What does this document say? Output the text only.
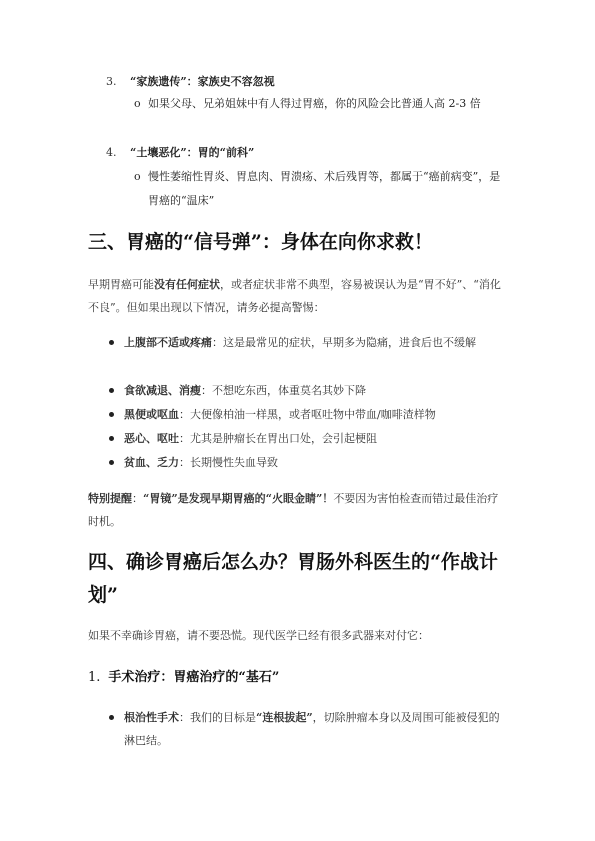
3. “家族遗传”：家族史不容忽视
o 如果父母、兄弟姐妹中有人得过胃癌，你的风险会比普通人高 2-3 倍
4. “土壤恶化”：胃的“前科”
o 慢性萎缩性胃炎、胃息肉、胃溃疡、术后残胃等，都属于“癌前病变”，是胃癌的“温床”
三、胃癌的“信号弹”：身体在向你求救！
早期胃癌可能没有任何症状，或者症状非常不典型，容易被误认为是“胃不好”、“消化不良”。但如果出现以下情况，请务必提高警惕：
上腹部不适或疼痛：这是最常见的症状，早期多为隐痛，进食后也不缓解
食欲减退、消瘦：不想吃东西，体重莫名其妙下降
黑便或呕血：大便像柏油一样黑，或者呕吐物中带血/咖啡渣样物
恶心、呕吐：尤其是肿瘤长在胃出口处，会引起梗阻
贫血、乏力：长期慢性失血导致
特别提醒：“胃镜”是发现早期胃癌的“火眼金睛”！不要因为害怕检查而错过最佳治疗时机。
四、确诊胃癌后怎么办？胃肠外科医生的“作战计划”
如果不幸确诊胃癌，请不要恐慌。现代医学已经有很多武器来对付它：
1. 手术治疗：胃癌治疗的“基石”
根治性手术：我们的目标是“连根拔起”，切除肿瘤本身以及周围可能被侵犯的淋巴结。
